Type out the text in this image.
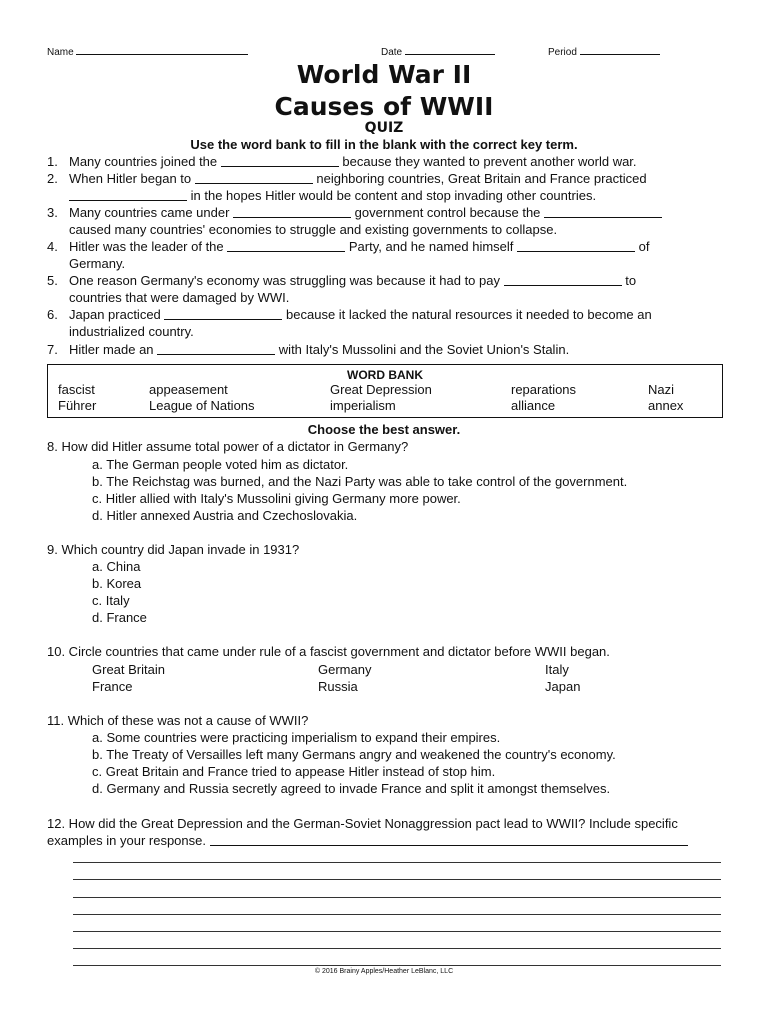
Name	Date	Period
World War II
Causes of WWII
QUIZ
Use the word bank to fill in the blank with the correct key term.
1. Many countries joined the	because they wanted to prevent another world war.
2. When Hitler began to	neighboring countries, Great Britain and France practiced
in the hopes Hitler would be content and stop invading other countries.
3. Many countries came under	government control because the
caused many countries' economies to struggle and existing governments to collapse.
4. Hitler was the leader of the	Party, and he named himself	of
Germany.
5. One reason Germany's economy was struggling was because it had to pay	to
countries that were damaged by WWI.
6. Japan practiced	because it lacked the natural resources it needed to become an
industrialized country.
7. Hitler made an	with Italy's Mussolini and the Soviet Union's Stalin.
WORD BANK
fascist	appeasement	Great Depression	reparations	Nazi
Führer	League of Nations	imperialism	alliance	annex
Choose the best answer.
8. How did Hitler assume total power of a dictator in Germany?
a. The German people voted him as dictator.
b. The Reichstag was burned, and the Nazi Party was able to take control of the government.
c. Hitler allied with Italy's Mussolini giving Germany more power.
d. Hitler annexed Austria and Czechoslovakia.
9. Which country did Japan invade in 1931?
a. China
b. Korea
c. Italy
d. France
10. Circle countries that came under rule of a fascist government and dictator before WWII began.
Great Britain	Germany	Italy
France	Russia	Japan
11. Which of these was not a cause of WWII?
a. Some countries were practicing imperialism to expand their empires.
b. The Treaty of Versailles left many Germans angry and weakened the country's economy.
c. Great Britain and France tried to appease Hitler instead of stop him.
d. Germany and Russia secretly agreed to invade France and split it amongst themselves.
12. How did the Great Depression and the German-Soviet Nonaggression pact lead to WWII? Include specific
examples in your response.
© 2016 Brainy Apples/Heather LeBlanc, LLC
